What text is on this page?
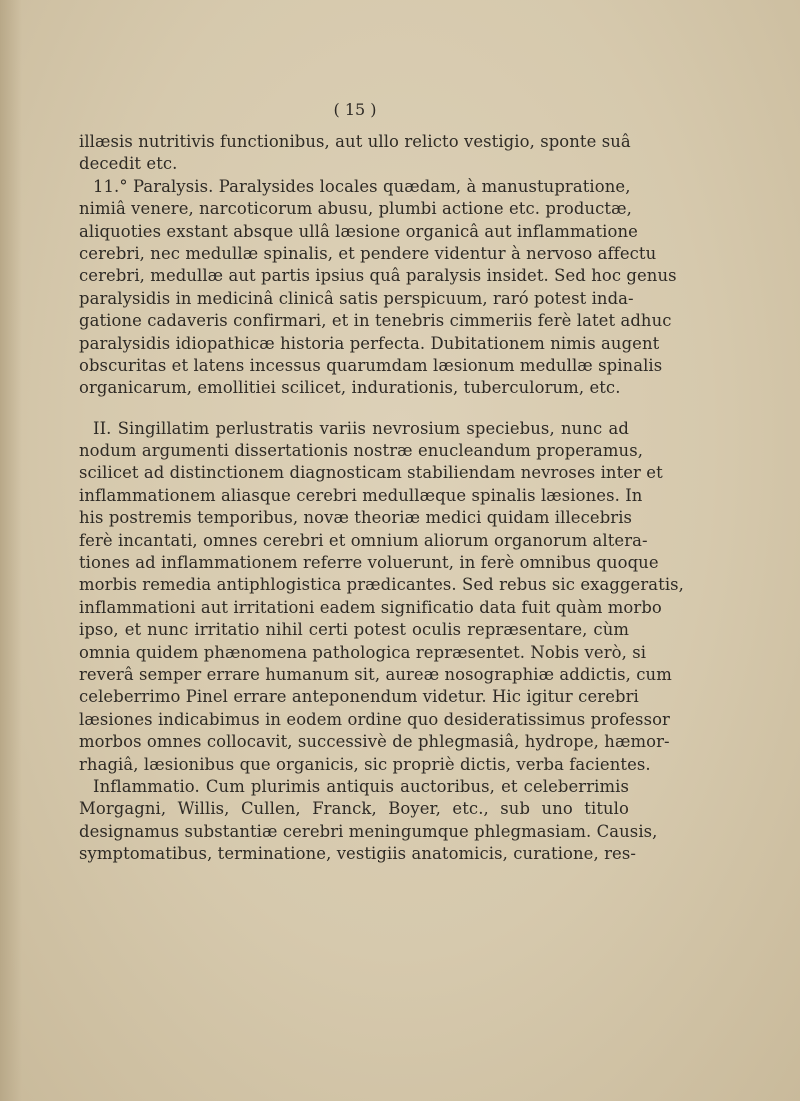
( 15 )
illæsis nutritivis functionibus, aut ullo relicto vestigio, sponte suâ
decedit etc.
11.° Paralysis. Paralysides locales quædam, à manustupratione,
nimiâ venere, narcoticorum abusu, plumbi actione etc. productæ,
aliquoties exstant absque ullâ læsione organicâ aut inflammatione
cerebri, nec medullæ spinalis, et pendere videntur à nervoso affectu
cerebri, medullæ aut partis ipsius quâ paralysis insidet. Sed hoc genus
paralysidis in medicinâ clinicâ satis perspicuum, raró potest inda-
gatione cadaveris confirmari, et in tenebris cimmeriis ferè latet adhuc
paralysidis idiopathicæ historia perfecta. Dubitationem nimis augent
obscuritas et latens incessus quarumdam læsionum medullæ spinalis
organicarum, emollitiei scilicet, indurationis, tuberculorum, etc.
II. Singillatim perlustratis variis nevrosium speciebus, nunc ad
nodum argumenti dissertationis nostræ enucleandum properamus,
scilicet ad distinctionem diagnosticam stabiliendam nevroses inter et
inflammationem aliasque cerebri medullæque spinalis læsiones. In
his postremis temporibus, novæ theoriæ medici quidam illecebris
ferè incantati, omnes cerebri et omnium aliorum organorum altera-
tiones ad inflammationem referre voluerunt, in ferè omnibus quoque
morbis remedia antiphlogistica prædicantes. Sed rebus sic exaggeratis,
inflammationi aut irritationi eadem significatio data fuit quàm morbo
ipso, et nunc irritatio nihil certi potest oculis repræsentare, cùm
omnia quidem phænomena pathologica repræsentet. Nobis verò, si
reverâ semper errare humanum sit, aureæ nosographiæ addictis, cum
celeberrimo Pinel errare anteponendum videtur. Hic igitur cerebri
læsiones indicabimus in eodem ordine quo desideratissimus professor
morbos omnes collocavit, successivè de phlegmasiâ, hydrope, hæmor-
rhagiâ, læsionibus que organicis, sic propriè dictis, verba facientes.
Inflammatio. Cum plurimis antiquis auctoribus, et celeberrimis
Morgagni, Willis, Cullen, Franck, Boyer, etc., sub uno titulo
designamus substantiæ cerebri meningumque phlegmasiam. Causis,
symptomatibus, terminatione, vestigiis anatomicis, curatione, res-
